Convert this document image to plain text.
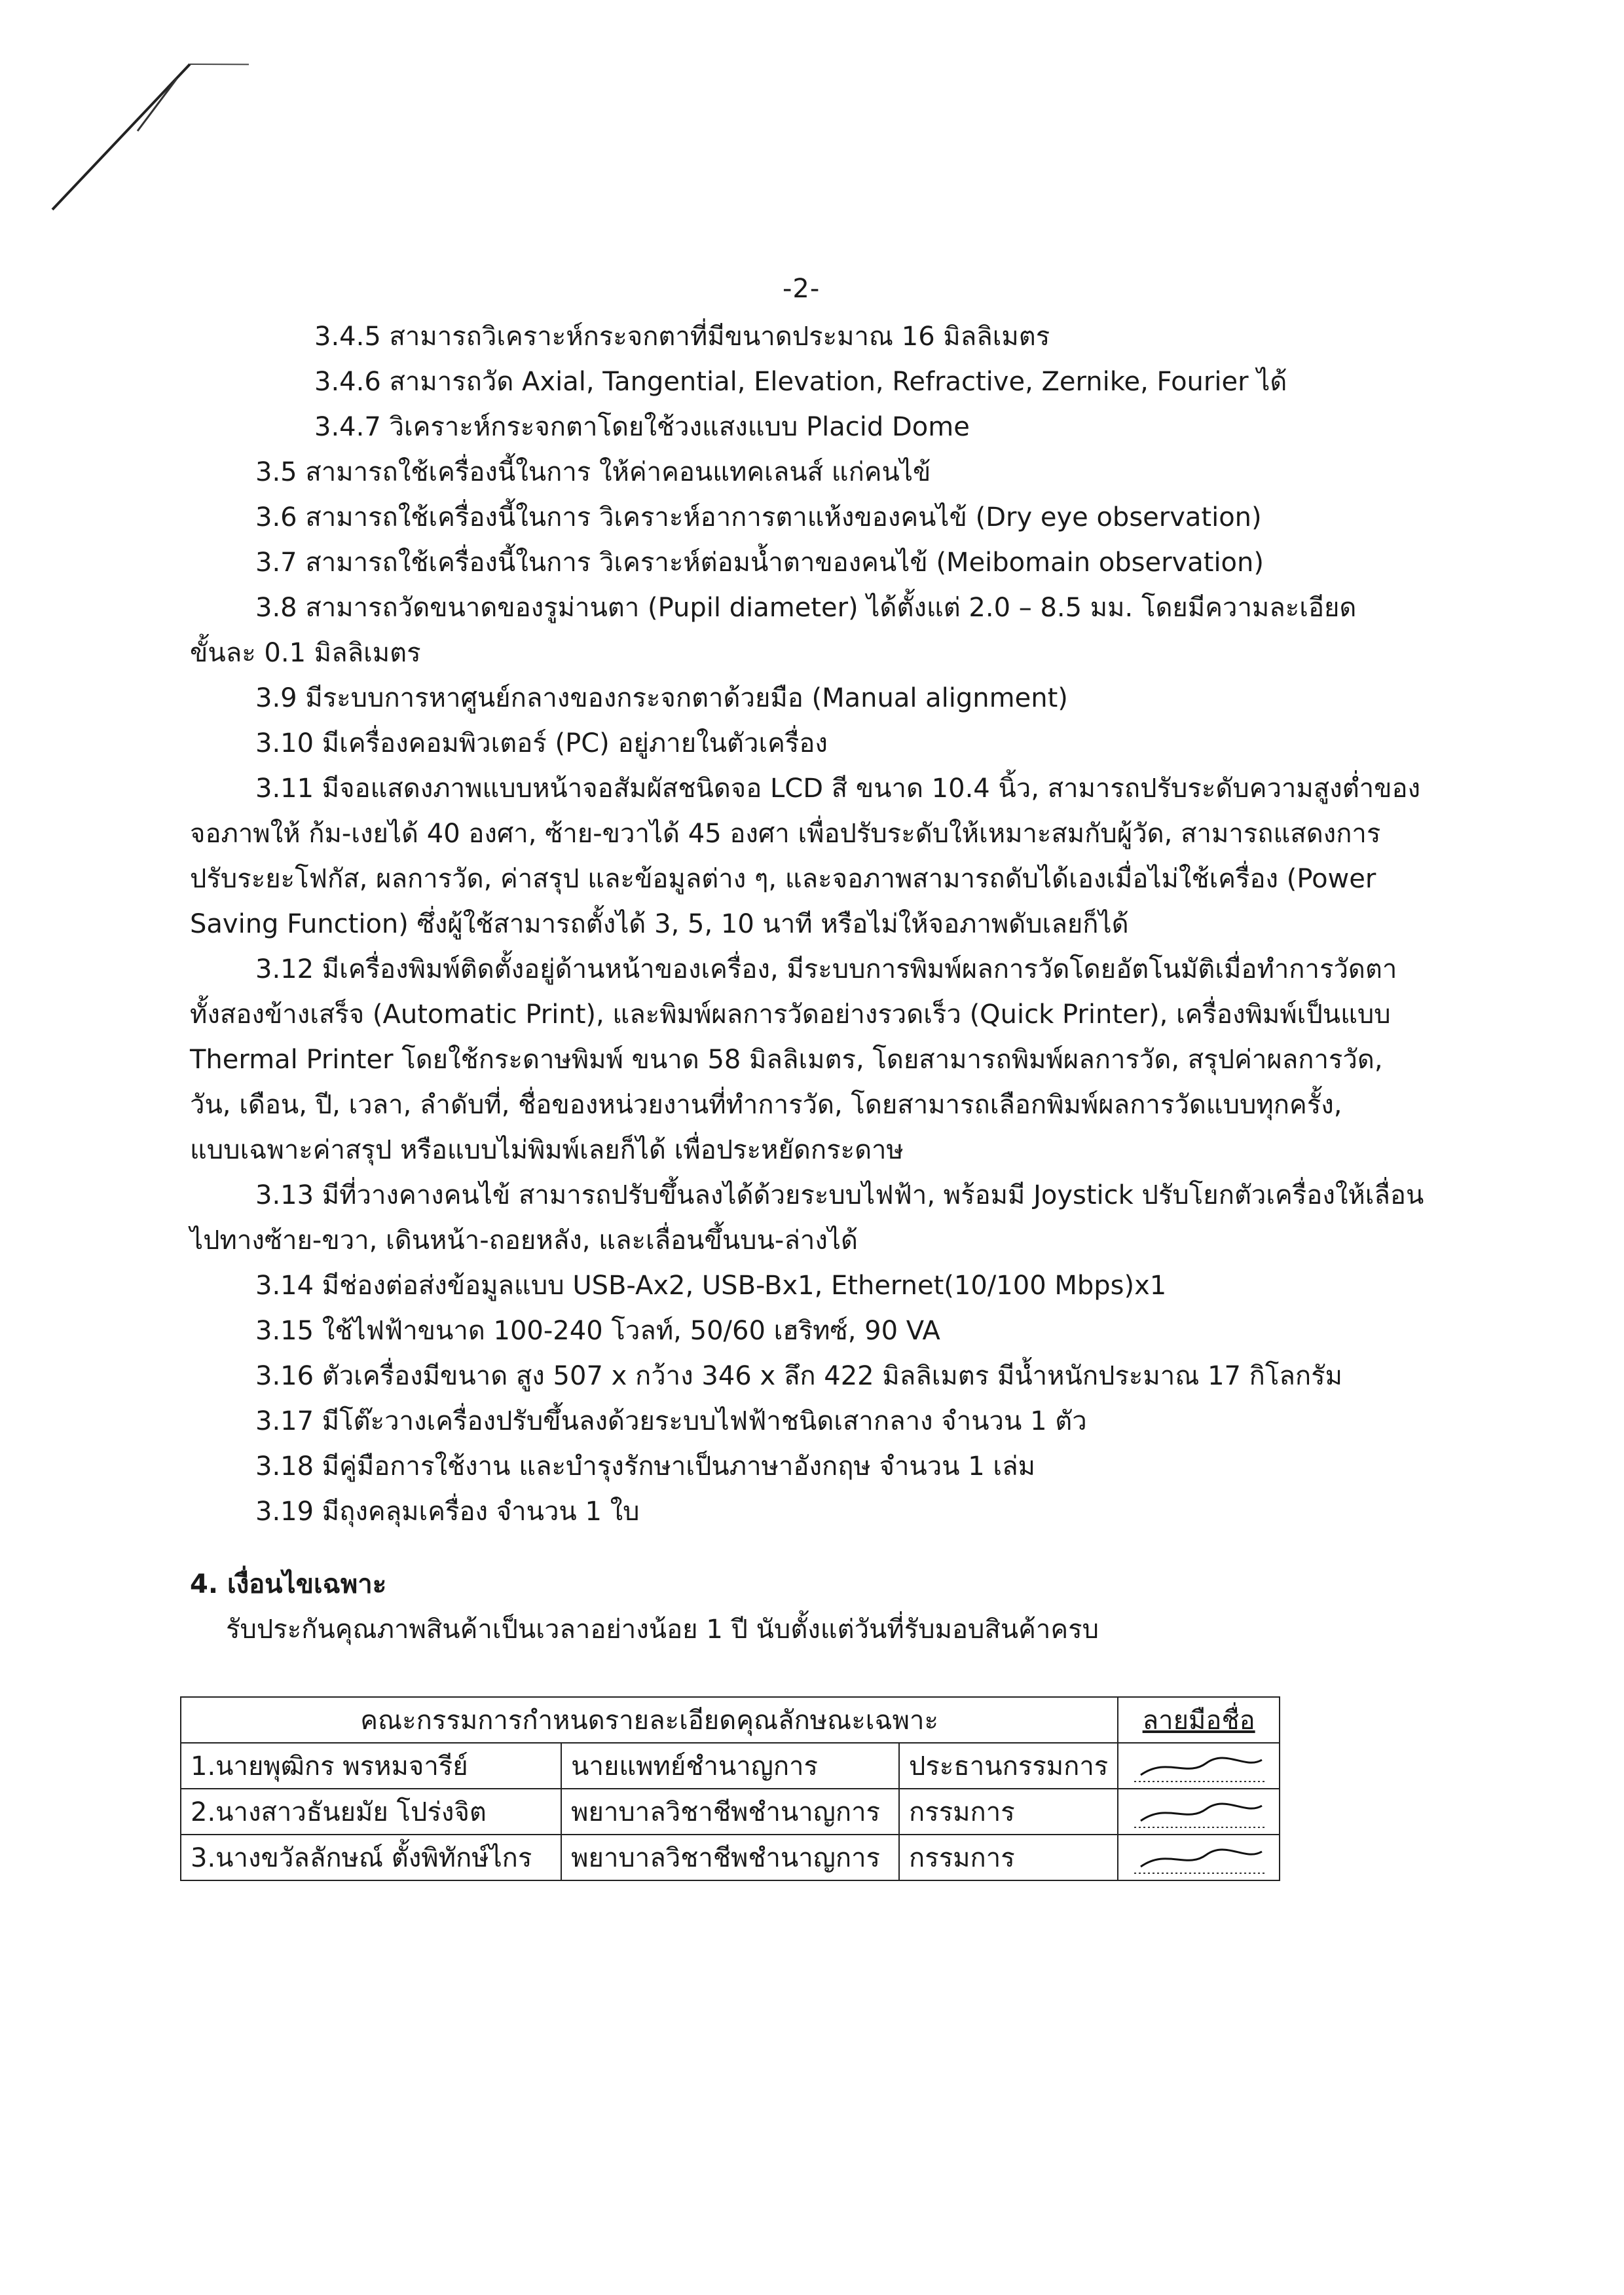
-2-
3.4.5 สามารถวิเคราะห์กระจกตาที่มีขนาดประมาณ 16 มิลลิเมตร
3.4.6 สามารถวัด Axial, Tangential, Elevation, Refractive, Zernike, Fourier ได้
3.4.7 วิเคราะห์กระจกตาโดยใช้วงแสงแบบ Placid Dome
3.5 สามารถใช้เครื่องนี้ในการ ให้ค่าคอนแทคเลนส์ แก่คนไข้
3.6 สามารถใช้เครื่องนี้ในการ วิเคราะห์อาการตาแห้งของคนไข้ (Dry eye observation)
3.7 สามารถใช้เครื่องนี้ในการ วิเคราะห์ต่อมน้ำตาของคนไข้ (Meibomain observation)
3.8 สามารถวัดขนาดของรูม่านตา (Pupil diameter) ได้ตั้งแต่ 2.0 – 8.5 มม. โดยมีความละเอียด
ขั้นละ 0.1 มิลลิเมตร
3.9 มีระบบการหาศูนย์กลางของกระจกตาด้วยมือ (Manual alignment)
3.10 มีเครื่องคอมพิวเตอร์ (PC) อยู่ภายในตัวเครื่อง
3.11 มีจอแสดงภาพแบบหน้าจอสัมผัสชนิดจอ LCD สี ขนาด 10.4 นิ้ว, สามารถปรับระดับความสูงต่ำของ
จอภาพให้ ก้ม-เงยได้ 40 องศา, ซ้าย-ขวาได้ 45 องศา เพื่อปรับระดับให้เหมาะสมกับผู้วัด, สามารถแสดงการ
ปรับระยะโฟกัส, ผลการวัด, ค่าสรุป และข้อมูลต่าง ๆ, และจอภาพสามารถดับได้เองเมื่อไม่ใช้เครื่อง (Power
Saving Function) ซึ่งผู้ใช้สามารถตั้งได้ 3, 5, 10 นาที หรือไม่ให้จอภาพดับเลยก็ได้
3.12 มีเครื่องพิมพ์ติดตั้งอยู่ด้านหน้าของเครื่อง, มีระบบการพิมพ์ผลการวัดโดยอัตโนมัติเมื่อทำการวัดตา
ทั้งสองข้างเสร็จ (Automatic Print), และพิมพ์ผลการวัดอย่างรวดเร็ว (Quick Printer), เครื่องพิมพ์เป็นแบบ
Thermal Printer โดยใช้กระดาษพิมพ์ ขนาด 58 มิลลิเมตร, โดยสามารถพิมพ์ผลการวัด, สรุปค่าผลการวัด,
วัน, เดือน, ปี, เวลา, ลำดับที่, ชื่อของหน่วยงานที่ทำการวัด, โดยสามารถเลือกพิมพ์ผลการวัดแบบทุกครั้ง,
แบบเฉพาะค่าสรุป หรือแบบไม่พิมพ์เลยก็ได้ เพื่อประหยัดกระดาษ
3.13 มีที่วางคางคนไข้ สามารถปรับขึ้นลงได้ด้วยระบบไฟฟ้า, พร้อมมี Joystick ปรับโยกตัวเครื่องให้เลื่อน
ไปทางซ้าย-ขวา, เดินหน้า-ถอยหลัง, และเลื่อนขึ้นบน-ล่างได้
3.14 มีช่องต่อส่งข้อมูลแบบ USB-Ax2, USB-Bx1, Ethernet(10/100 Mbps)x1
3.15 ใช้ไฟฟ้าขนาด 100-240 โวลท์, 50/60 เฮริทซ์, 90 VA
3.16 ตัวเครื่องมีขนาด สูง 507 x กว้าง 346 x ลึก 422 มิลลิเมตร มีน้ำหนักประมาณ 17 กิโลกรัม
3.17 มีโต๊ะวางเครื่องปรับขึ้นลงด้วยระบบไฟฟ้าชนิดเสากลาง จำนวน 1 ตัว
3.18 มีคู่มือการใช้งาน และบำรุงรักษาเป็นภาษาอังกฤษ จำนวน 1 เล่ม
3.19 มีถุงคลุมเครื่อง จำนวน 1 ใบ
4. เงื่อนไขเฉพาะ
รับประกันคุณภาพสินค้าเป็นเวลาอย่างน้อย 1 ปี นับตั้งแต่วันที่รับมอบสินค้าครบ
คณะกรรมการกำหนดรายละเอียดคุณลักษณะเฉพาะ			ลายมือชื่อ
1.นายพุฒิกร พรหมจารีย์	นายแพทย์ชำนาญการ	ประธานกรรมการ	

2.นางสาวธันยมัย โปร่งจิต	พยาบาลวิชาชีพชำนาญการ	กรรมการ	

3.นางขวัลลักษณ์ ตั้งพิทักษ์ไกร	พยาบาลวิชาชีพชำนาญการ	กรรมการ	
